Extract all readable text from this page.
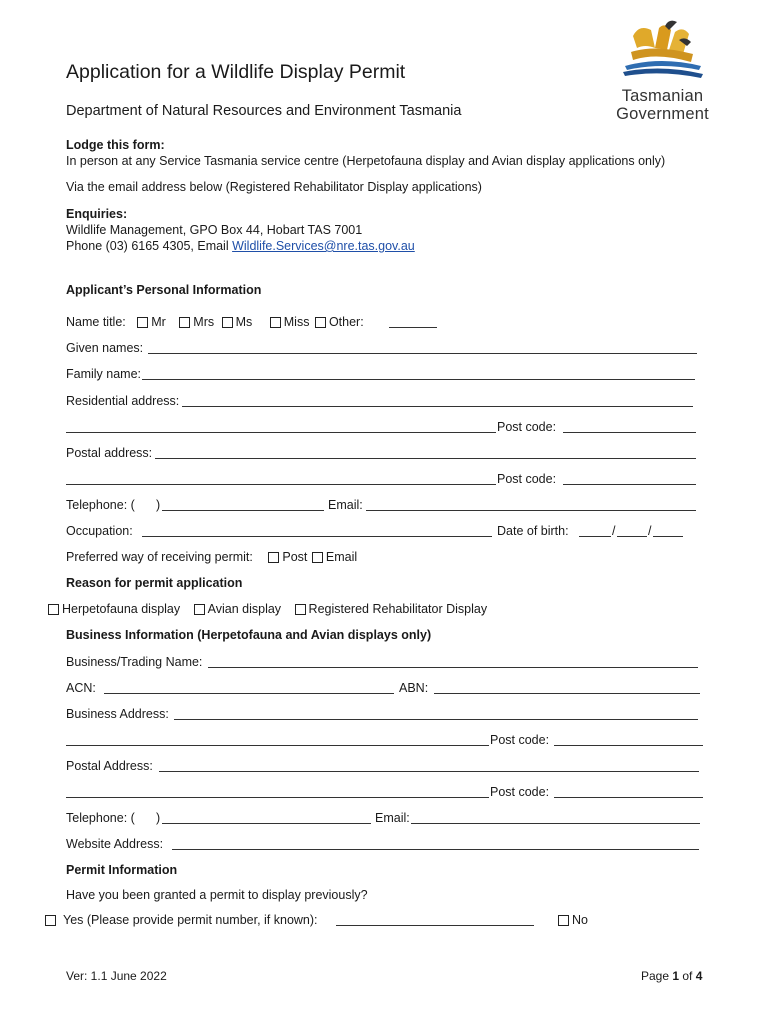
Application for a Wildlife Display Permit
Department of Natural Resources and Environment Tasmania
Tasmanian
Government
Lodge this form:
In person at any Service Tasmania service centre (Herpetofauna display and Avian display applications only)
Via the email address below (Registered Rehabilitator Display applications)
Enquiries:
Wildlife Management, GPO Box 44, Hobart TAS 7001
Phone (03) 6165 4305, Email Wildlife.Services@nre.tas.gov.au
Applicant’s Personal Information
Name title: Mr Mrs Ms	Miss Other:
Given names:
Family name:
Residential address:
Post code:
Postal address:
Post code:
Telephone: ( )	Email:
Occupation:	Date of birth:	/	/
Preferred way of receiving permit: Post Email
Reason for permit application
Herpetofauna display Avian display Registered Rehabilitator Display
Business Information (Herpetofauna and Avian displays only)
Business/Trading Name:
ACN:	ABN:
Business Address:
Post code:
Postal Address:
Post code:
Telephone: ( )	Email:
Website Address:
Permit Information
Have you been granted a permit to display previously?
Yes (Please provide permit number, if known):	No
Ver: 1.1 June 2022	Page 1 of 4
